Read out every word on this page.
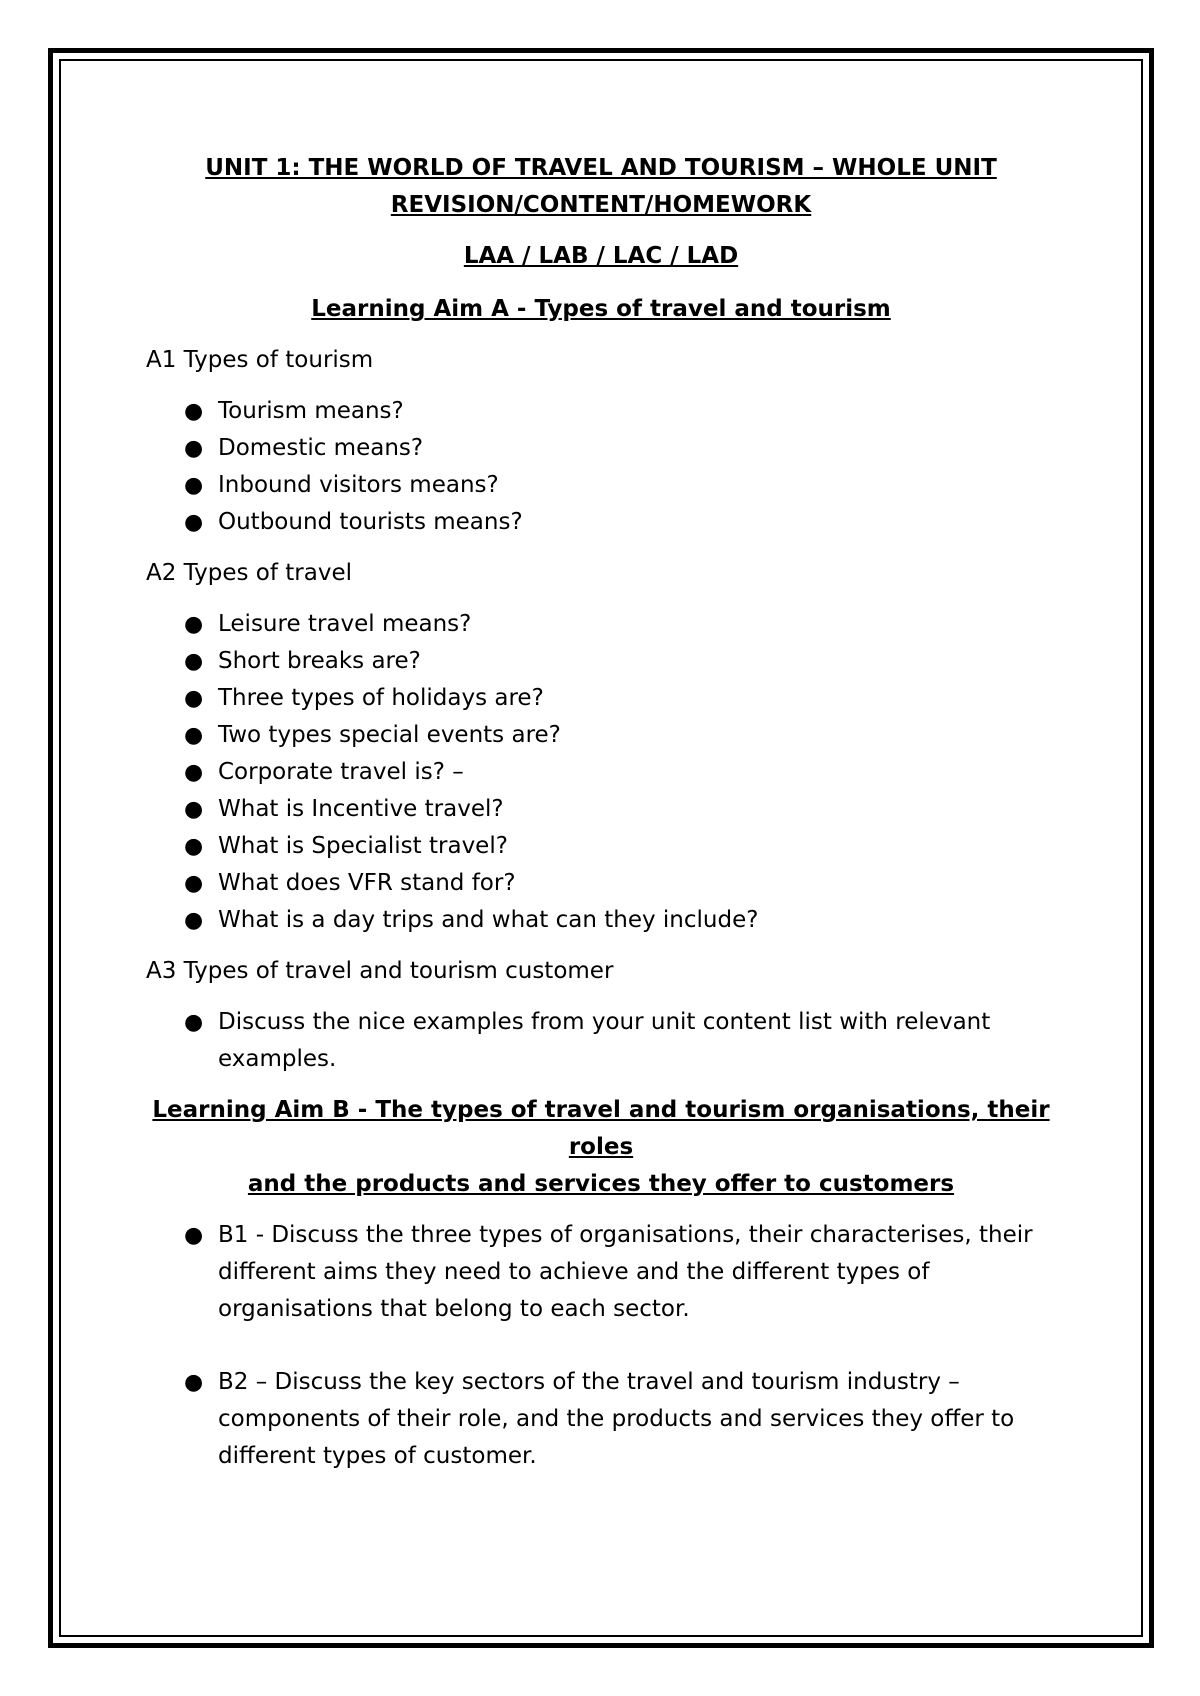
UNIT 1: THE WORLD OF TRAVEL AND TOURISM – WHOLE UNIT
REVISION/CONTENT/HOMEWORK
LAA / LAB / LAC / LAD
Learning Aim A - Types of travel and tourism
A1 Types of tourism
● Tourism means?
● Domestic means?
● Inbound visitors means?
● Outbound tourists means?
A2 Types of travel
● Leisure travel means?
● Short breaks are?
● Three types of holidays are?
● Two types special events are?
● Corporate travel is? –
● What is Incentive travel?
● What is Specialist travel?
● What does VFR stand for?
● What is a day trips and what can they include?
A3 Types of travel and tourism customer
● Discuss the nice examples from your unit content list with relevant examples.
Learning Aim B - The types of travel and tourism organisations, their roles
and the products and services they offer to customers
● B1 - Discuss the three types of organisations, their characterises, their different aims they need to achieve and the different types of organisations that belong to each sector.
● B2 – Discuss the key sectors of the travel and tourism industry – components of their role, and the products and services they offer to different types of customer.
